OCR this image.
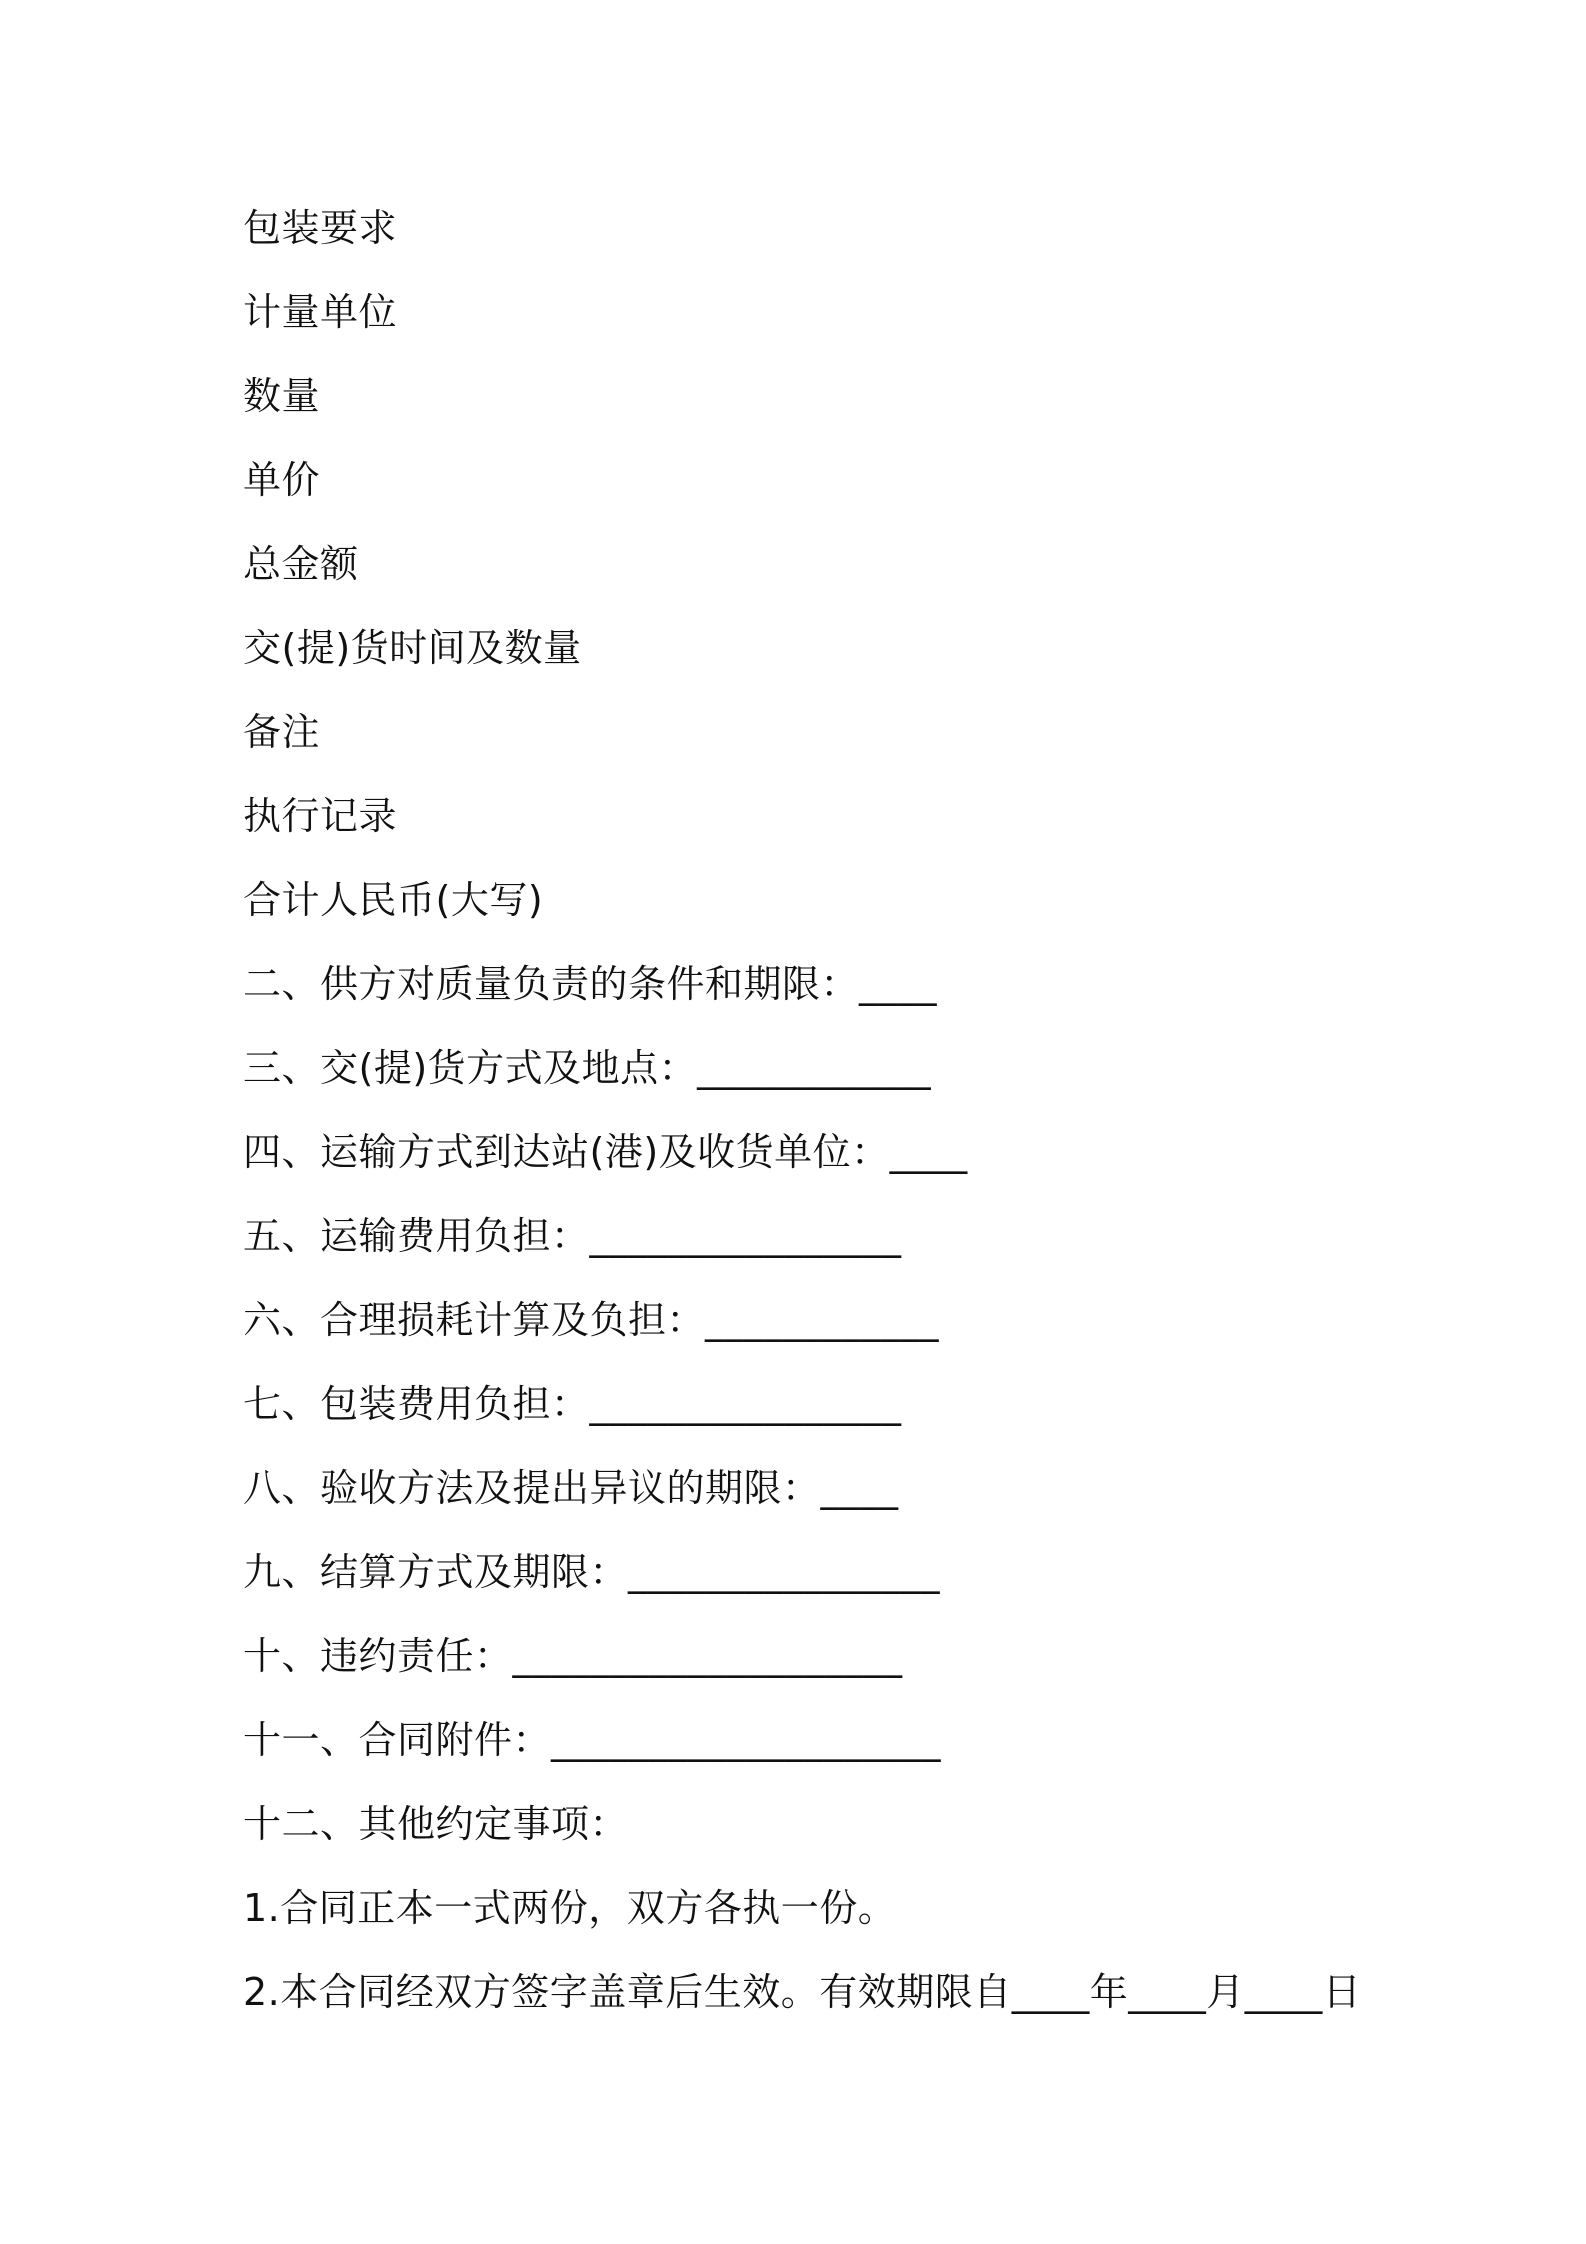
包装要求
计量单位
数量
单价
总金额
交(提)货时间及数量
备注
执行记录
合计人民币(大写)
二、供方对质量负责的条件和期限：____
三、交(提)货方式及地点：____________
四、运输方式到达站(港)及收货单位：____
五、运输费用负担：________________
六、合理损耗计算及负担：____________
七、包装费用负担：________________
八、验收方法及提出异议的期限：____
九、结算方式及期限：________________
十、违约责任：____________________
十一、合同附件：____________________
十二、其他约定事项：
1.合同正本一式两份，双方各执一份。
2.本合同经双方签字盖章后生效。有效期限自____年____月____日
